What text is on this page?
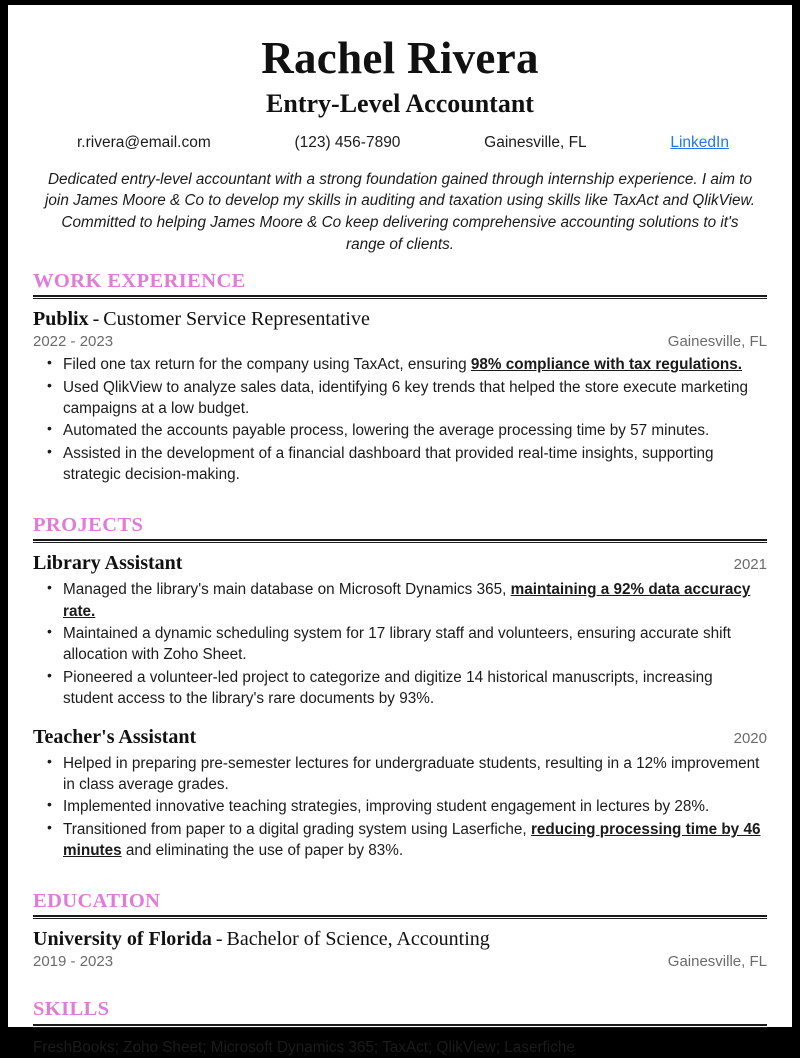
Rachel Rivera
Entry-Level Accountant
r.rivera@email.com	(123) 456-7890	Gainesville, FL	LinkedIn
Dedicated entry-level accountant with a strong foundation gained through internship experience. I aim to join James Moore & Co to develop my skills in auditing and taxation using skills like TaxAct and QlikView. Committed to helping James Moore & Co keep delivering comprehensive accounting solutions to it's range of clients.
WORK EXPERIENCE
Publix - Customer Service Representative
2022 - 2023	Gainesville, FL
• Filed one tax return for the company using TaxAct, ensuring 98% compliance with tax regulations.
• Used QlikView to analyze sales data, identifying 6 key trends that helped the store execute marketing campaigns at a low budget.
• Automated the accounts payable process, lowering the average processing time by 57 minutes.
• Assisted in the development of a financial dashboard that provided real-time insights, supporting strategic decision-making.
PROJECTS
Library Assistant	2021
• Managed the library's main database on Microsoft Dynamics 365, maintaining a 92% data accuracy rate.
• Maintained a dynamic scheduling system for 17 library staff and volunteers, ensuring accurate shift allocation with Zoho Sheet.
• Pioneered a volunteer-led project to categorize and digitize 14 historical manuscripts, increasing student access to the library's rare documents by 93%.
Teacher's Assistant	2020
• Helped in preparing pre-semester lectures for undergraduate students, resulting in a 12% improvement in class average grades.
• Implemented innovative teaching strategies, improving student engagement in lectures by 28%.
• Transitioned from paper to a digital grading system using Laserfiche, reducing processing time by 46 minutes and eliminating the use of paper by 83%.
EDUCATION
University of Florida - Bachelor of Science, Accounting
2019 - 2023	Gainesville, FL
SKILLS
FreshBooks; Zoho Sheet; Microsoft Dynamics 365; TaxAct; QlikView; Laserfiche
